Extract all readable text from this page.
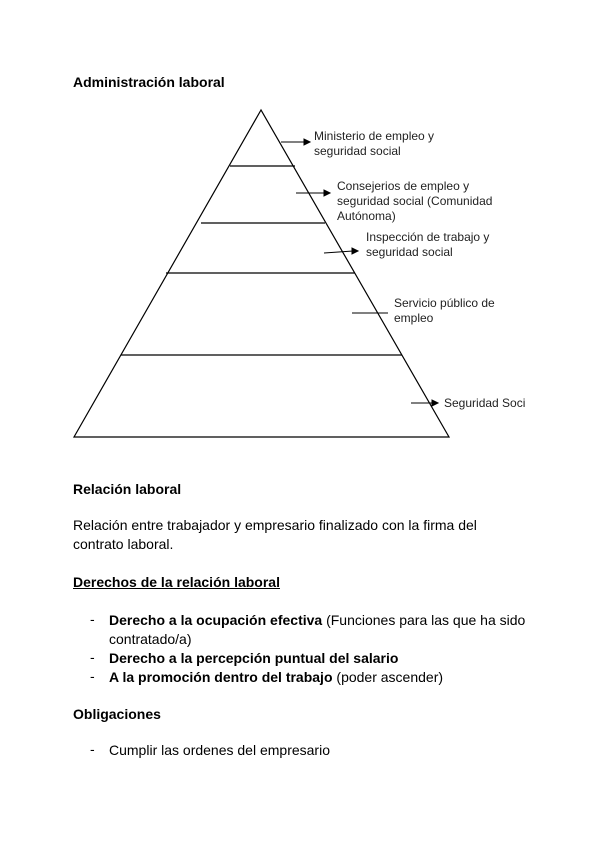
Administración laboral
Ministerio de empleo y seguridad social
Consejerios de empleo y seguridad social (Comunidad Autónoma)
Inspección de trabajo y seguridad social
Servicio público de empleo
Seguridad Soci
Relación laboral
Relación entre trabajador y empresario finalizado con la firma del contrato laboral.
Derechos de la relación laboral
- Derecho a la ocupación efectiva (Funciones para las que ha sido contratado/a)
- Derecho a la percepción puntual del salario
- A la promoción dentro del trabajo (poder ascender)
Obligaciones
- Cumplir las ordenes del empresario
